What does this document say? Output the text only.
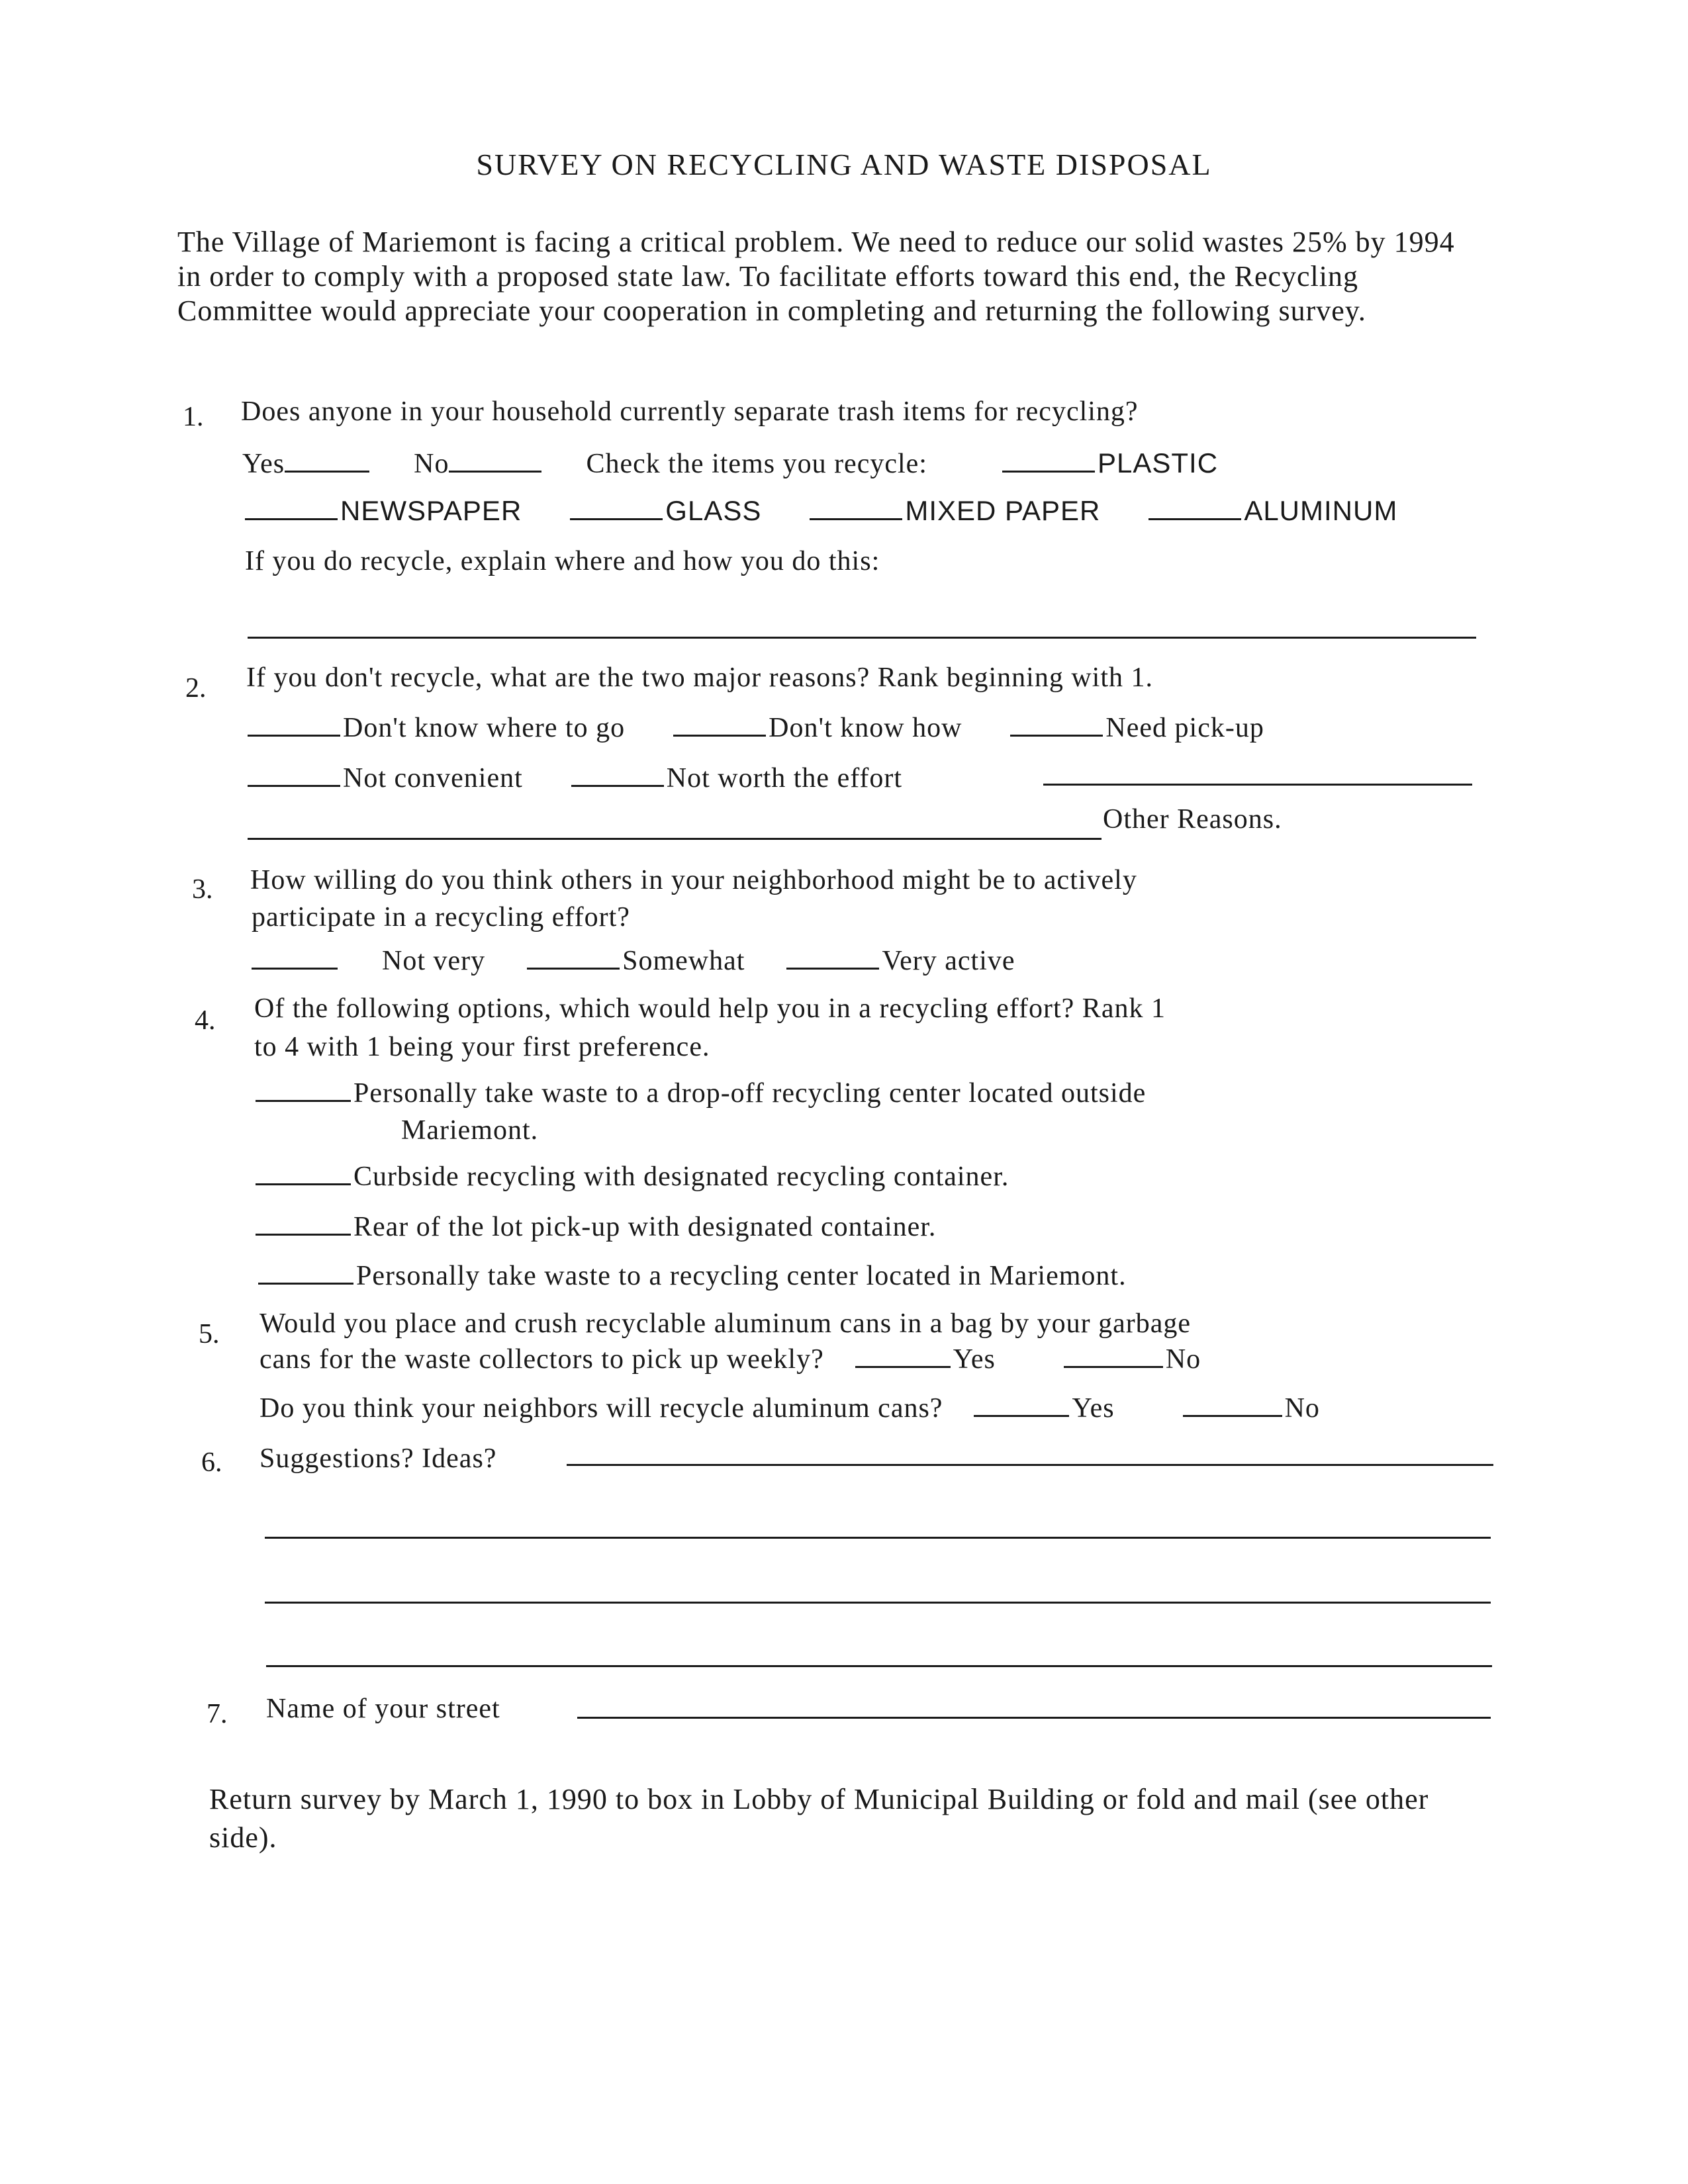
SURVEY ON RECYCLING AND WASTE DISPOSAL
The Village of Mariemont is facing a critical problem. We need to reduce our solid wastes 25% by 1994 in order to comply with a proposed state law. To facilitate efforts toward this end, the Recycling Committee would appreciate your cooperation in completing and returning the following survey.
1. Does anyone in your household currently separate trash items for recycling?
Yes	No	Check the items you recycle:	PLASTIC
NEWSPAPER	GLASS	MIXED PAPER	ALUMINUM
If you do recycle, explain where and how you do this:
2. If you don't recycle, what are the two major reasons? Rank beginning with 1.
Don't know where to go	Don't know how	Need pick-up
Not convenient	Not worth the effort
Other Reasons.
3. How willing do you think others in your neighborhood might be to actively
participate in a recycling effort?
Not very	Somewhat	Very active
4. Of the following options, which would help you in a recycling effort? Rank 1
to 4 with 1 being your first preference.
Personally take waste to a drop-off recycling center located outside
Mariemont.
Curbside recycling with designated recycling container.
Rear of the lot pick-up with designated container.
Personally take waste to a recycling center located in Mariemont.
5. Would you place and crush recyclable aluminum cans in a bag by your garbage
cans for the waste collectors to pick up weekly?	Yes	No
Do you think your neighbors will recycle aluminum cans?	Yes	No
6. Suggestions? Ideas?
7. Name of your street
Return survey by March 1, 1990 to box in Lobby of Municipal Building or fold and mail (see other side).
